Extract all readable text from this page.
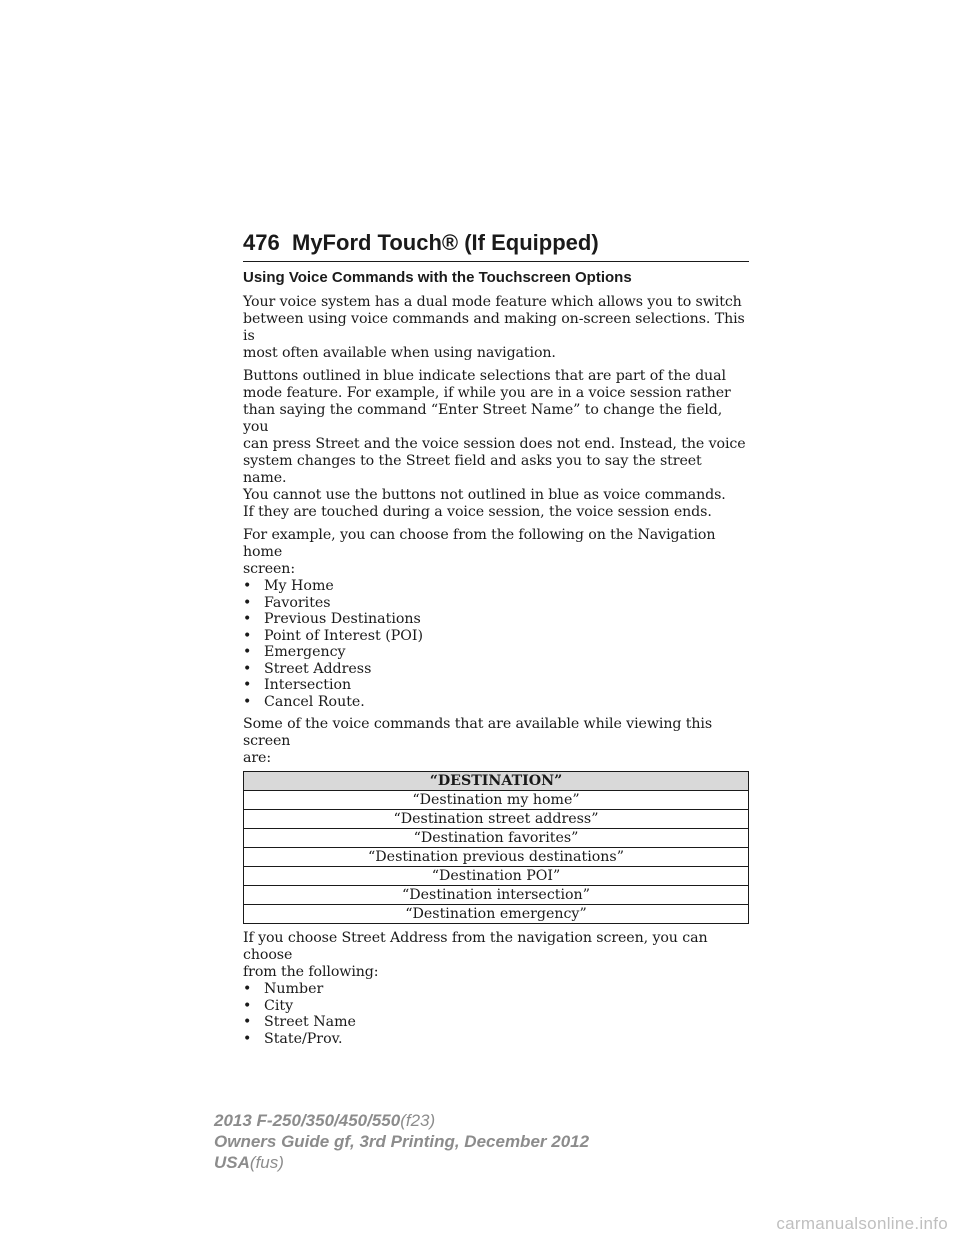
476 MyFord Touch® (If Equipped)
Using Voice Commands with the Touchscreen Options

Your voice system has a dual mode feature which allows you to switch
between using voice commands and making on-screen selections. This is
most often available when using navigation.

Buttons outlined in blue indicate selections that are part of the dual
mode feature. For example, if while you are in a voice session rather
than saying the command “Enter Street Name” to change the field, you
can press Street and the voice session does not end. Instead, the voice
system changes to the Street field and asks you to say the street name.
You cannot use the buttons not outlined in blue as voice commands.
If they are touched during a voice session, the voice session ends.

For example, you can choose from the following on the Navigation home
screen:

• My Home
• Favorites
• Previous Destinations
• Point of Interest (POI)
• Emergency
• Street Address
• Intersection
• Cancel Route.

Some of the voice commands that are available while viewing this screen
are:

“DESTINATION”
“Destination my home”
“Destination street address”
“Destination favorites”
“Destination previous destinations”
“Destination POI”
“Destination intersection”
“Destination emergency”

If you choose Street Address from the navigation screen, you can choose
from the following:

• Number
• City
• Street Name
• State/Prov.
2013 F-250/350/450/550(f23)
Owners Guide gf, 3rd Printing, December 2012
USA(fus)
carmanualsonline.info
